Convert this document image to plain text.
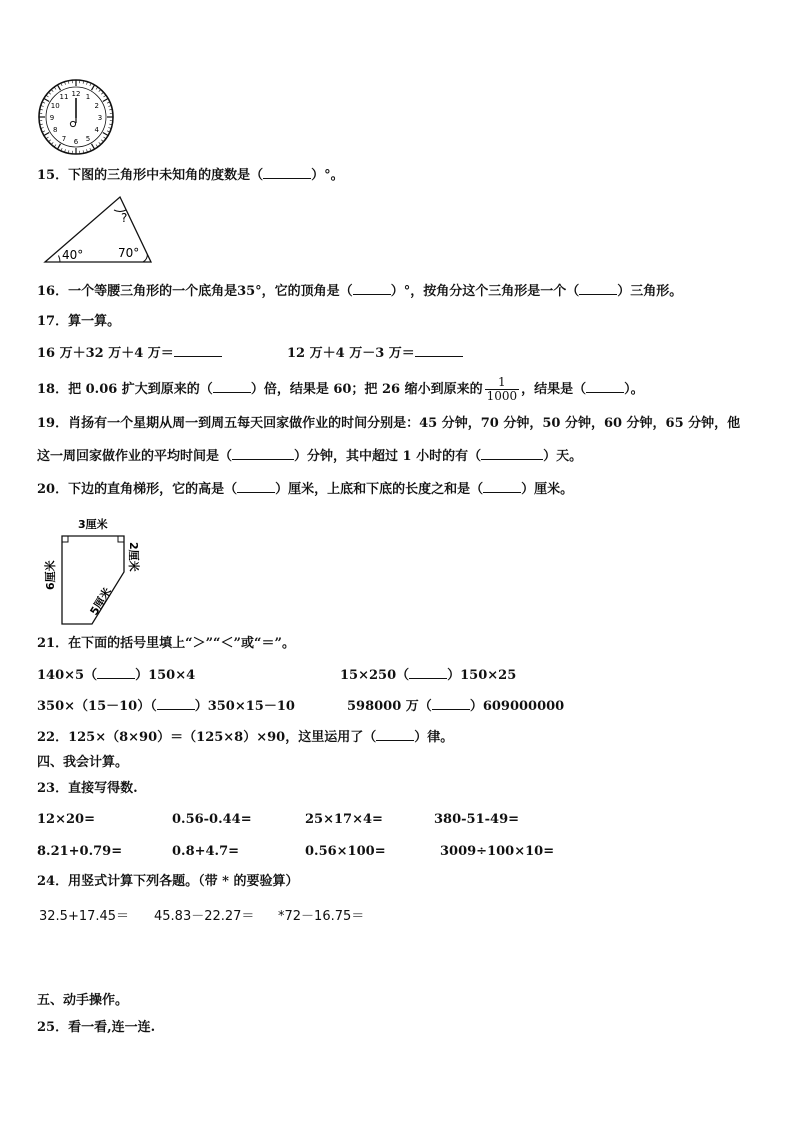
12 1
2
3
4
5
6
7
8
9
10
11
15．下图的三角形中未知角的度数是（	）°。
40°	70°
?
16．一个等腰三角形的一个底角是35°，它的顶角是（	）°，按角分这个三角形是一个（	）三角形。
17．算一算。
16 万＋32 万＋4 万＝	12 万＋4 万－3 万＝
18．把 0.06 扩大到原来的（	）倍，结果是 60；把 26 缩小到原来的 $\frac{1}{1000}$ ，结果是（	）。
19．肖扬有一个星期从周一到周五每天回家做作业的时间分别是：45 分钟，70 分钟，50 分钟，60 分钟，65 分钟，他
这一周回家做作业的平均时间是（	）分钟，其中超过 1 小时的有（	）天。
20．下边的直角梯形，它的高是（	）厘米，上底和下底的长度之和是（	）厘米。
3厘米
6厘米
2厘米
5厘米
21．在下面的括号里填上“＞”“＜”或“＝”。
140×5（	）150×4	15×250（	）150×25
350×（15－10）（	）350×15－10	598000 万（	）609000000
22．125×（8×90）＝（125×8）×90，这里运用了（	）律。
四、我会计算。
23．直接写得数.
12×20=	0.56-0.44=	25×17×4=	380-51-49=
8.21+0.79=	0.8+4.7=	0.56×100=	3009÷100×10=
24．用竖式计算下列各题。（带 * 的要验算）
32.5+17.45＝ 45.83－22.27＝ *72－16.75＝
五、动手操作。
25．看一看,连一连.
